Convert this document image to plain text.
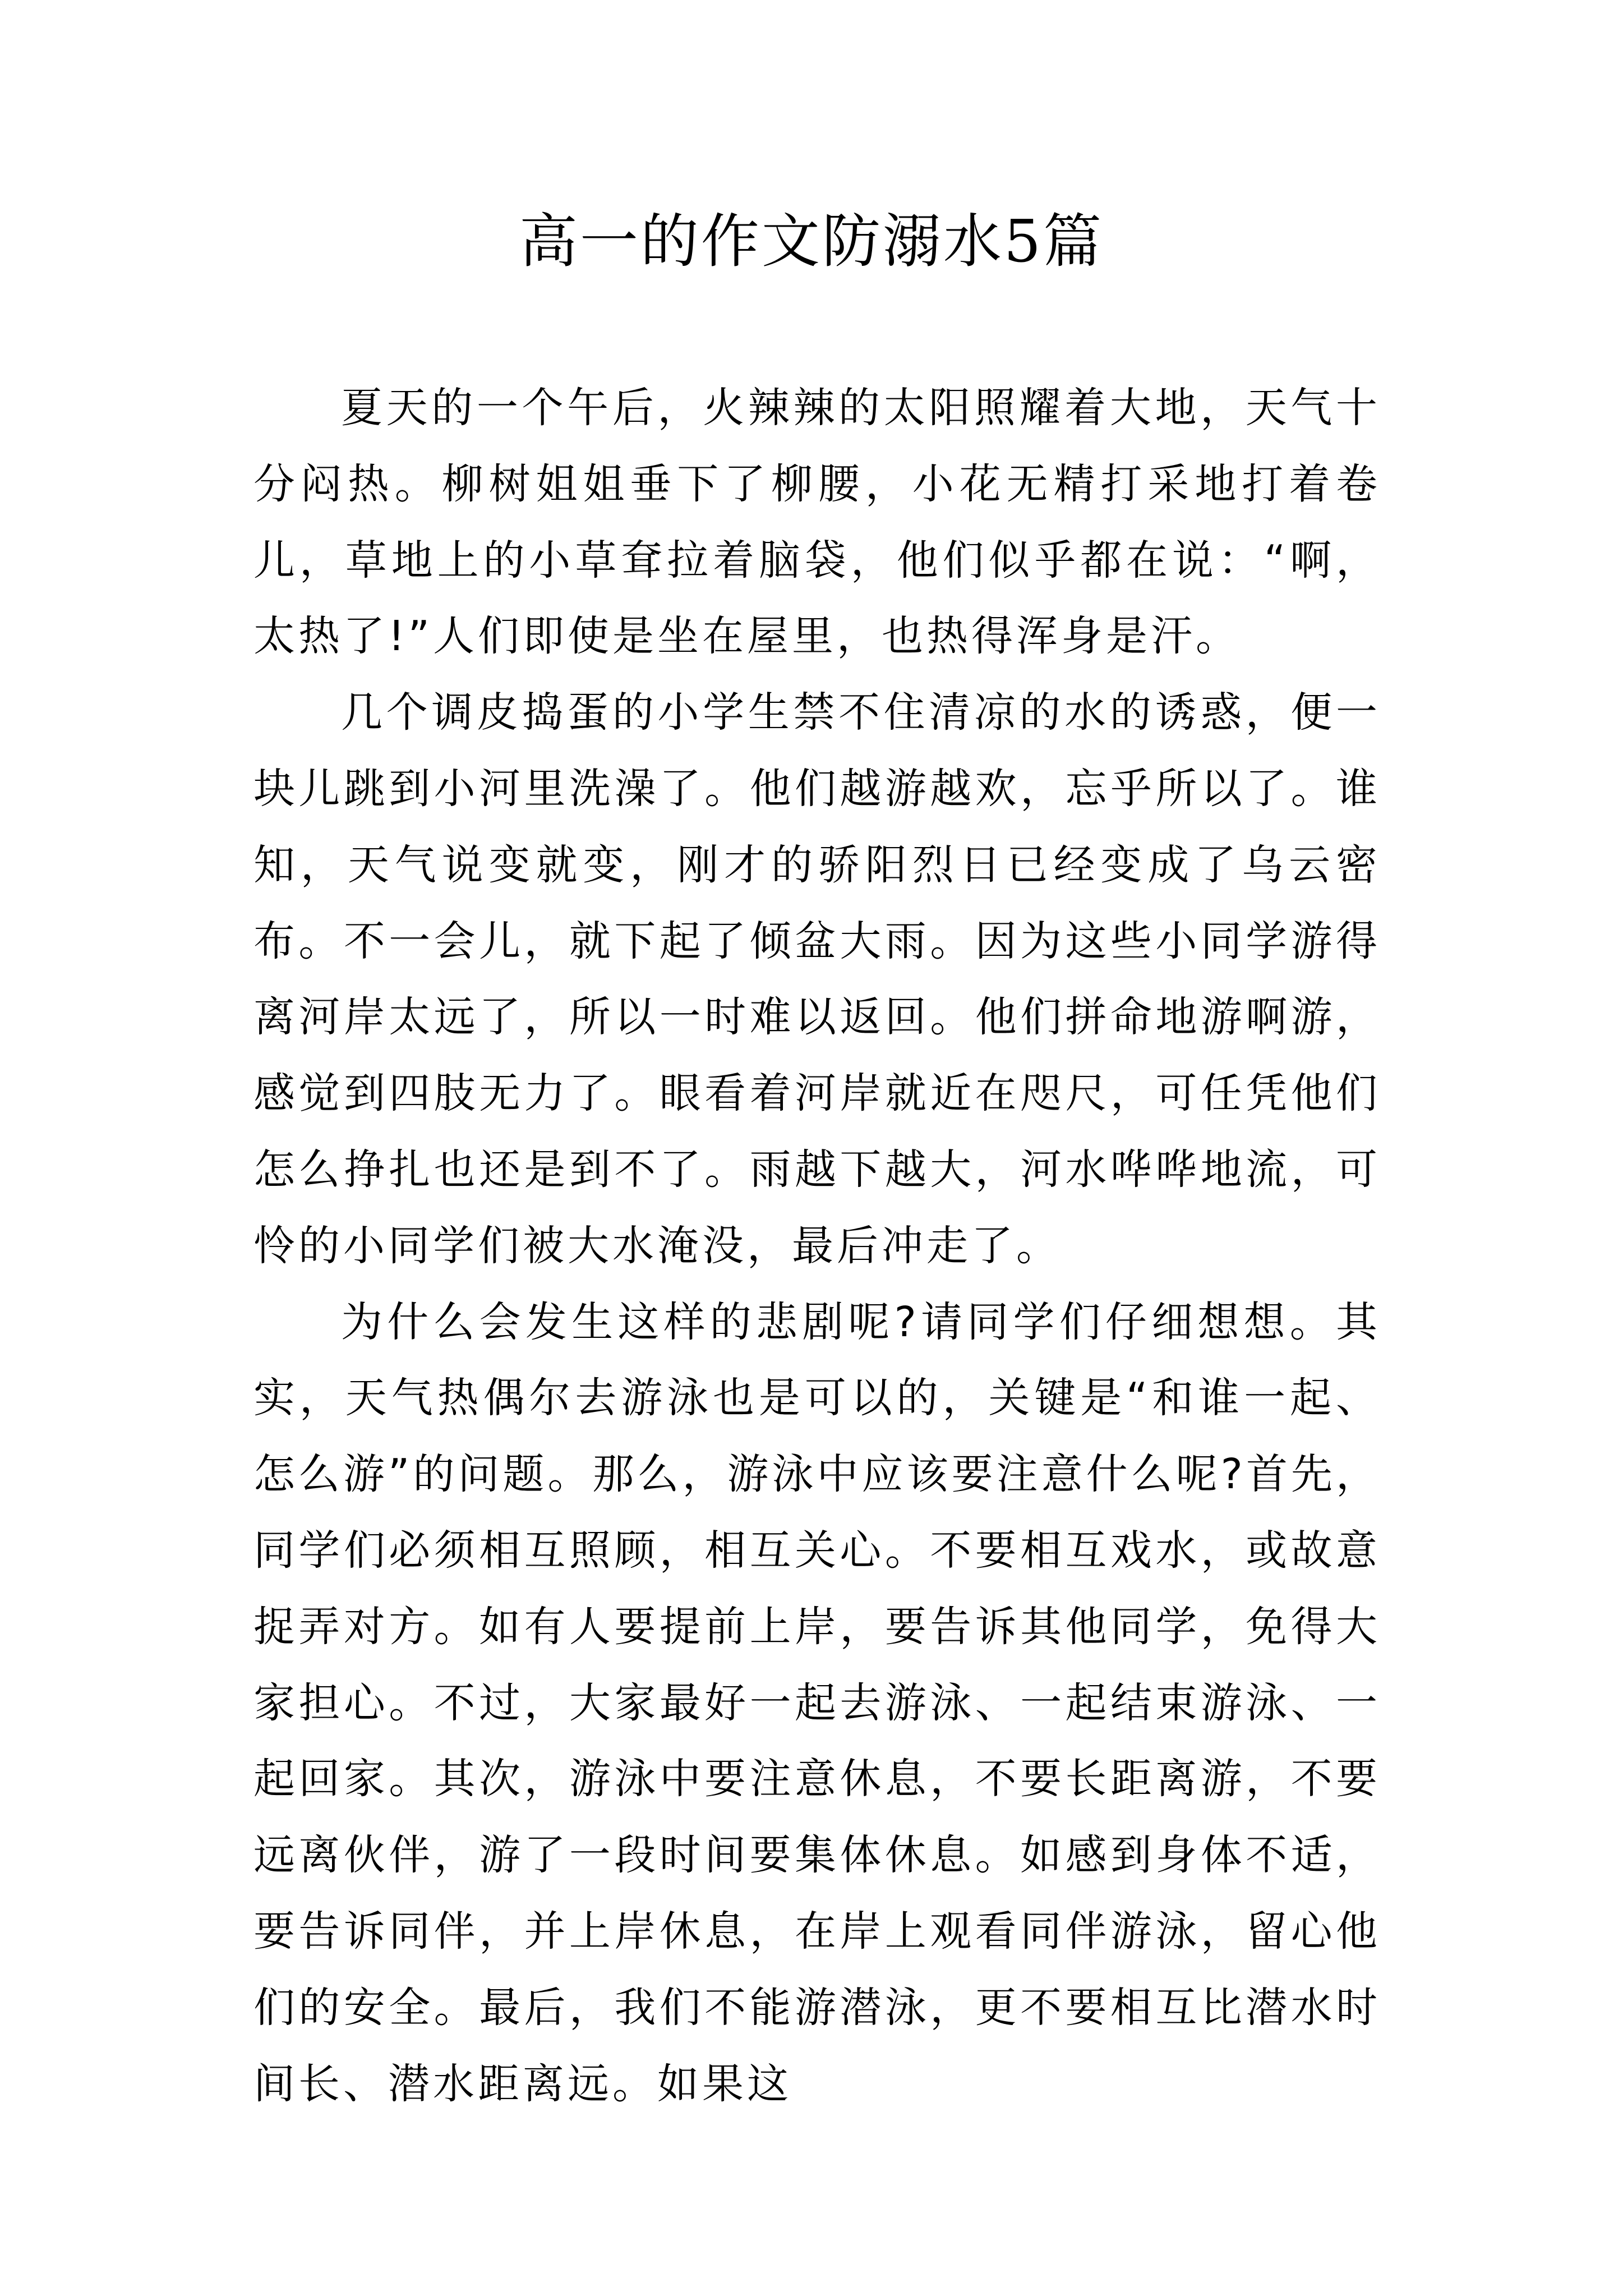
高一的作文防溺水5篇

夏天的一个午后，火辣辣的太阳照耀着大地，天气十分闷热。柳树姐姐垂下了柳腰，小花无精打采地打着卷儿，草地上的小草耷拉着脑袋，他们似乎都在说：“啊，太热了!”人们即使是坐在屋里，也热得浑身是汗。

几个调皮捣蛋的小学生禁不住清凉的水的诱惑，便一块儿跳到小河里洗澡了。他们越游越欢，忘乎所以了。谁知，天气说变就变，刚才的骄阳烈日已经变成了乌云密布。不一会儿，就下起了倾盆大雨。因为这些小同学游得离河岸太远了，所以一时难以返回。他们拼命地游啊游，感觉到四肢无力了。眼看着河岸就近在咫尺，可任凭他们怎么挣扎也还是到不了。雨越下越大，河水哗哗地流，可怜的小同学们被大水淹没，最后冲走了。

为什么会发生这样的悲剧呢?请同学们仔细想想。其实，天气热偶尔去游泳也是可以的，关键是“和谁一起、怎么游”的问题。那么，游泳中应该要注意什么呢?首先，同学们必须相互照顾，相互关心。不要相互戏水，或故意捉弄对方。如有人要提前上岸，要告诉其他同学，免得大家担心。不过，大家最好一起去游泳、一起结束游泳、一起回家。其次，游泳中要注意休息，不要长距离游，不要远离伙伴，游了一段时间要集体休息。如感到身体不适，要告诉同伴，并上岸休息，在岸上观看同伴游泳，留心他们的安全。最后，我们不能游潜泳，更不要相互比潜水时间长、潜水距离远。如果这
